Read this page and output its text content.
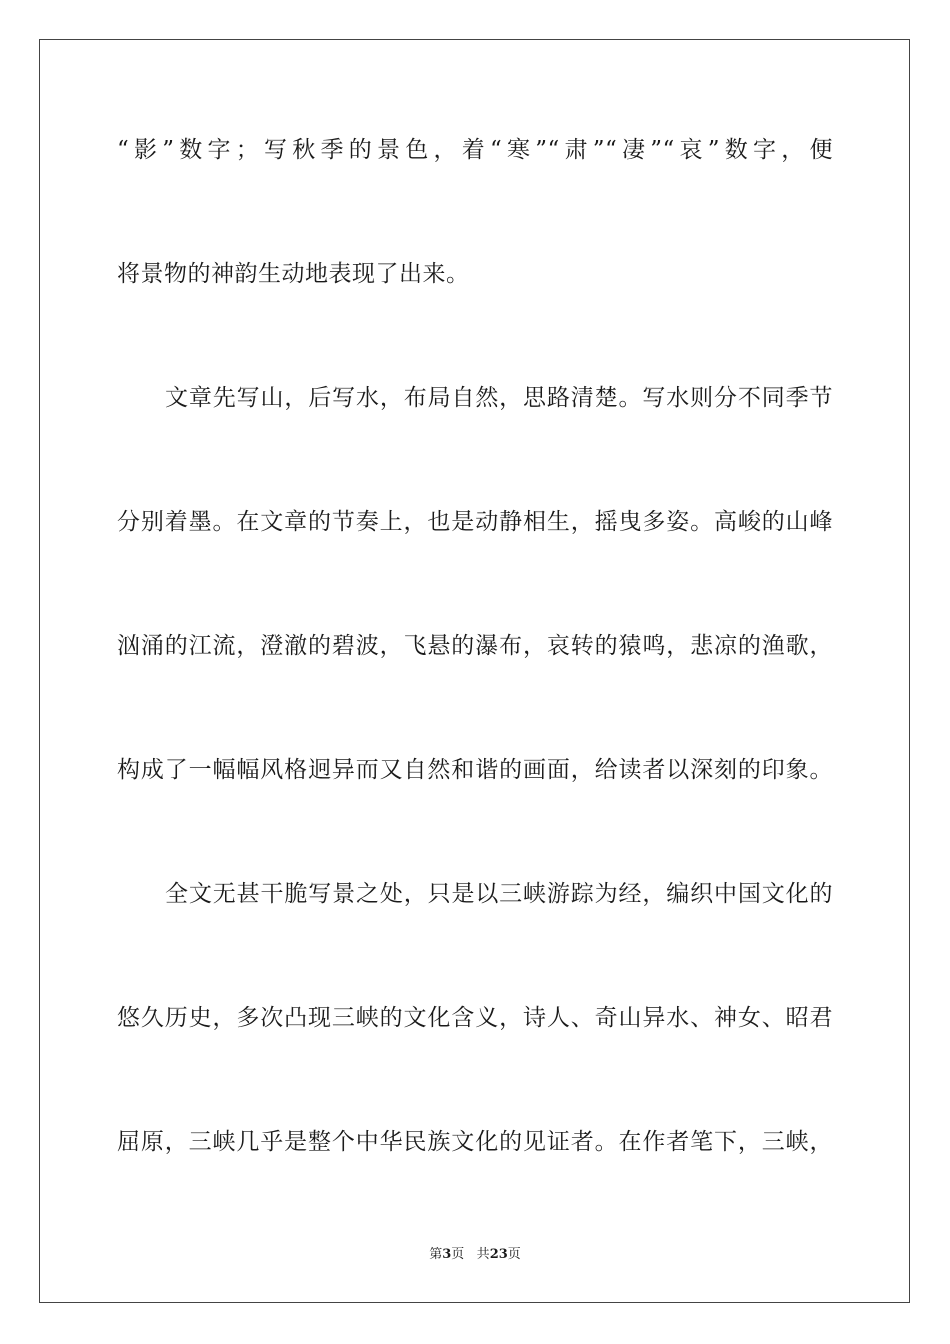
“影”数字；写秋季的景色，着“寒”“肃”“凄”“哀”数字，便
将景物的神韵生动地表现了出来。
文章先写山，后写水，布局自然，思路清楚。写水则分不同季节
分别着墨。在文章的节奏上，也是动静相生，摇曳多姿。高峻的山峰
汹涌的江流，澄澈的碧波，飞悬的瀑布，哀转的猿鸣，悲凉的渔歌，
构成了一幅幅风格迥异而又自然和谐的画面，给读者以深刻的印象。
全文无甚干脆写景之处，只是以三峡游踪为经，编织中国文化的
悠久历史，多次凸现三峡的文化含义，诗人、奇山异水、神女、昭君
屈原，三峡几乎是整个中华民族文化的见证者。在作者笔下，三峡，
第3页 共23页
